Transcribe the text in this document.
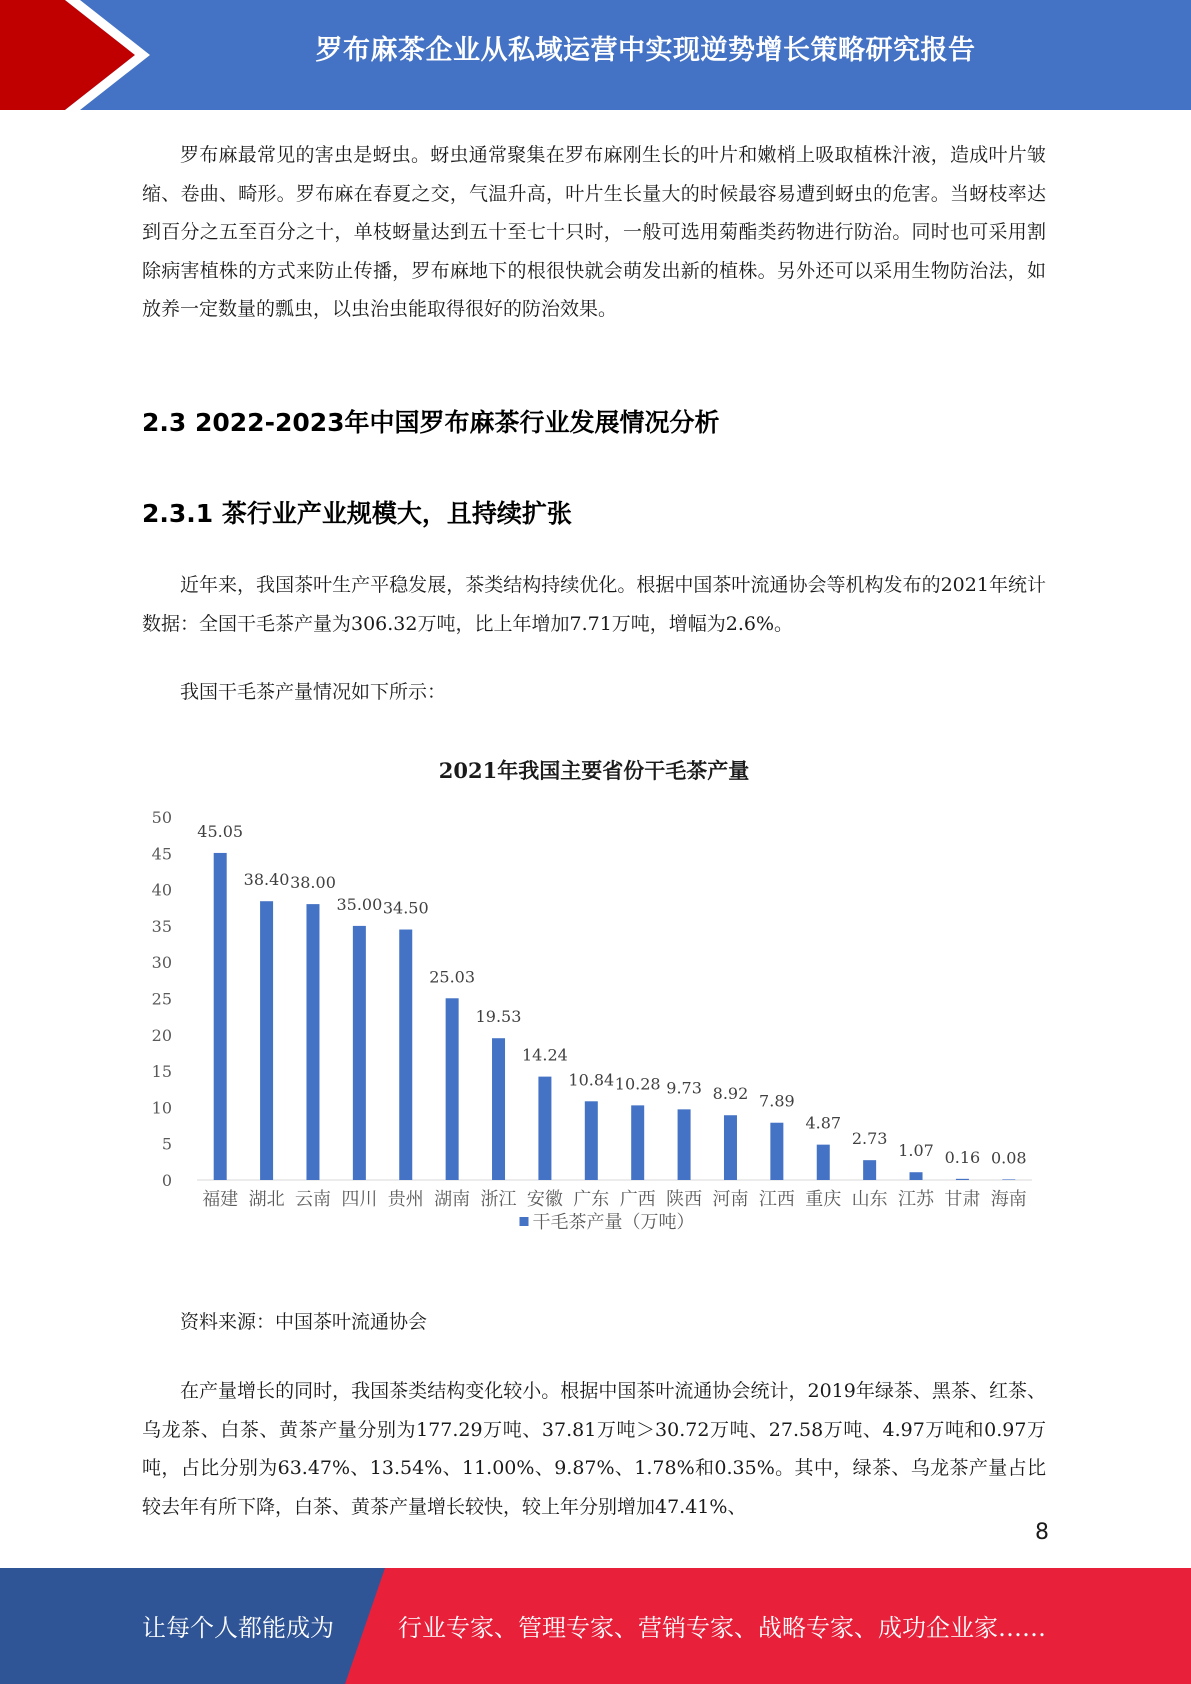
罗布麻茶企业从私域运营中实现逆势增长策略研究报告

罗布麻最常见的害虫是蚜虫。蚜虫通常聚集在罗布麻刚生长的叶片和嫩梢上吸取植株汁液，造成叶片皱缩、卷曲、畸形。罗布麻在春夏之交，气温升高，叶片生长量大的时候最容易遭到蚜虫的危害。当蚜枝率达到百分之五至百分之十，单枝蚜量达到五十至七十只时，一般可选用菊酯类药物进行防治。同时也可采用割除病害植株的方式来防止传播，罗布麻地下的根很快就会萌发出新的植株。另外还可以采用生物防治法，如放养一定数量的瓢虫，以虫治虫能取得很好的防治效果。

2.3 2022-2023年中国罗布麻茶行业发展情况分析
2.3.1 茶行业产业规模大，且持续扩张

近年来，我国茶叶生产平稳发展，茶类结构持续优化。根据中国茶叶流通协会等机构发布的2021年统计数据：全国干毛茶产量为306.32万吨，比上年增加7.71万吨，增幅为2.6%。

我国干毛茶产量情况如下所示：

2021年我国主要省份干毛茶产量
0
5
10
15
20
25
30
35
40
45
50
45.05
福建
38.40
湖北
38.00
云南
35.00
四川
34.50
贵州
25.03
湖南
19.53
浙江
14.24
安徽
10.84
广东
10.28
广西
9.73
陕西
8.92
河南
7.89
江西
4.87
重庆
2.73
山东
1.07
江苏
0.16
甘肃
0.08
海南
干毛茶产量（万吨）

资料来源：中国茶叶流通协会

在产量增长的同时，我国茶类结构变化较小。根据中国茶叶流通协会统计，2019年绿茶、黑茶、红茶、乌龙茶、白茶、黄茶产量分别为177.29万吨、37.81万吨＞30.72万吨、27.58万吨、4.97万吨和0.97万吨，占比分别为63.47%、13.54%、11.00%、9.87%、1.78%和0.35%。其中，绿茶、乌龙茶产量占比较去年有所下降，白茶、黄茶产量增长较快，较上年分别增加47.41%、

8
让每个人都能成为	行业专家、管理专家、营销专家、战略专家、成功企业家……
